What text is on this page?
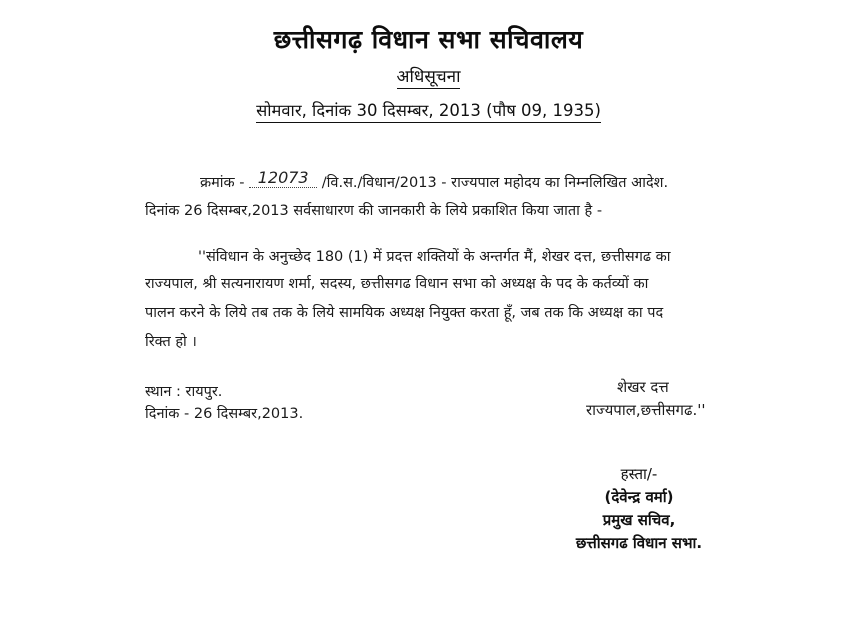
छत्तीसगढ़ विधान सभा सचिवालय
अधिसूचना
सोमवार, दिनांक 30 दिसम्बर, 2013 (पौष 09, 1935)
क्रमांक - 12073 /वि.स./विधान/2013 - राज्यपाल महोदय का निम्नलिखित आदेश.
दिनांक 26 दिसम्बर,2013 सर्वसाधारण की जानकारी के लिये प्रकाशित किया जाता है -
''संविधान के अनुच्छेद 180 (1) में प्रदत्त शक्तियों के अन्तर्गत मैं, शेखर दत्त, छत्तीसगढ का
राज्यपाल, श्री सत्यनारायण शर्मा, सदस्य, छत्तीसगढ विधान सभा को अध्यक्ष के पद के कर्तव्यों का
पालन करने के लिये तब तक के लिये सामयिक अध्यक्ष नियुक्त करता हूँ, जब तक कि अध्यक्ष का पद
रिक्त हो ।
स्थान : रायपुर.
दिनांक - 26 दिसम्बर,2013.
शेखर दत्त
राज्यपाल,छत्तीसगढ.''
हस्ता/-
(देवेन्द्र वर्मा)
प्रमुख सचिव,
छत्तीसगढ विधान सभा.
